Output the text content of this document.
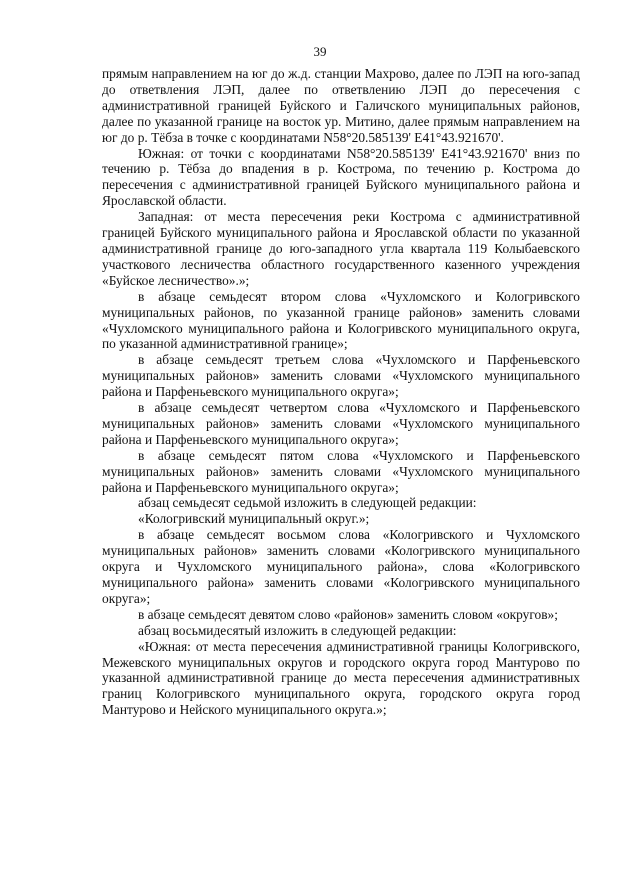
39

прямым направлением на юг до ж.д. станции Махрово, далее по ЛЭП на юго-запад до ответвления ЛЭП, далее по ответвлению ЛЭП до пересечения с административной границей Буйского и Галичского муниципальных районов, далее по указанной границе на восток ур. Митино, далее прямым направлением на юг до р. Тёбза в точке с координатами N58°20.585139' E41°43.921670'.

Южная: от точки с координатами N58°20.585139' E41°43.921670' вниз по течению р. Тёбза до впадения в р. Кострома, по течению р. Кострома до пересечения с административной границей Буйского муниципального района и Ярославской области.

Западная: от места пересечения реки Кострома с административной границей Буйского муниципального района и Ярославской области по указанной административной границе до юго-западного угла квартала 119 Колыбаевского участкового лесничества областного государственного казенного учреждения «Буйское лесничество».»;

в абзаце семьдесят втором слова «Чухломского и Кологривского муниципальных районов, по указанной границе районов» заменить словами «Чухломского муниципального района и Кологривского муниципального округа, по указанной административной границе»;

в абзаце семьдесят третьем слова «Чухломского и Парфеньевского муниципальных районов» заменить словами «Чухломского муниципального района и Парфеньевского муниципального округа»;

в абзаце семьдесят четвертом слова «Чухломского и Парфеньевского муниципальных районов» заменить словами «Чухломского муниципального района и Парфеньевского муниципального округа»;

в абзаце семьдесят пятом слова «Чухломского и Парфеньевского муниципальных районов» заменить словами «Чухломского муниципального района и Парфеньевского муниципального округа»;

абзац семьдесят седьмой изложить в следующей редакции:

«Кологривский муниципальный округ.»;

в абзаце семьдесят восьмом слова «Кологривского и Чухломского муниципальных районов» заменить словами «Кологривского муниципального округа и Чухломского муниципального района», слова «Кологривского муниципального района» заменить словами «Кологривского муниципального округа»;

в абзаце семьдесят девятом слово «районов» заменить словом «округов»;

абзац восьмидесятый изложить в следующей редакции:

«Южная: от места пересечения административной границы Кологривского, Межевского муниципальных округов и городского округа город Мантурово по указанной административной границе до места пересечения административных границ Кологривского муниципального округа, городского округа город Мантурово и Нейского муниципального округа.»;
